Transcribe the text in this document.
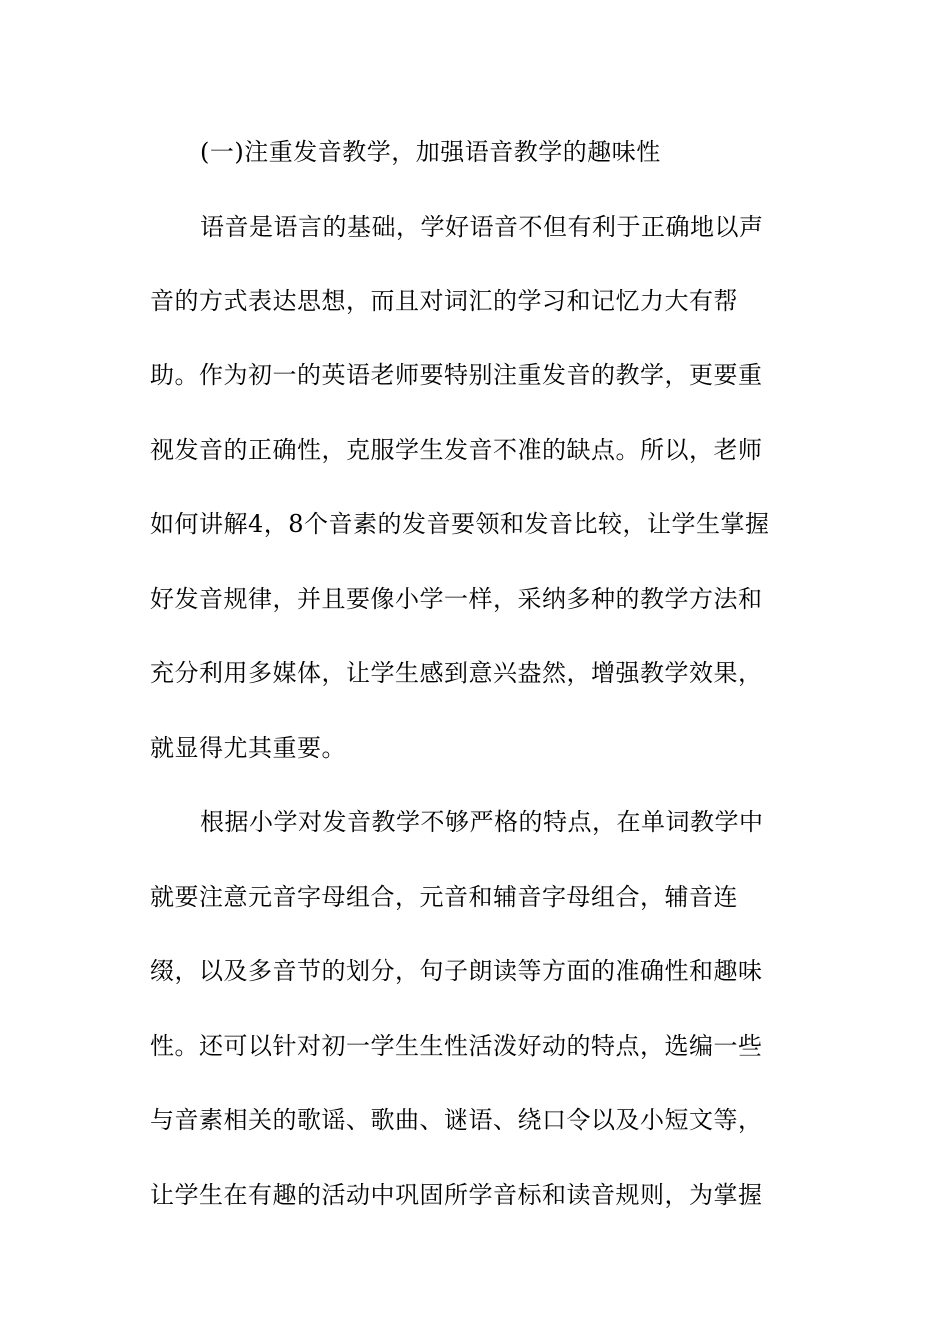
(一)注重发音教学，加强语音教学的趣味性

语音是语言的基础，学好语音不但有利于正确地以声

音的方式表达思想，而且对词汇的学习和记忆力大有帮

助。作为初一的英语老师要特别注重发音的教学，更要重

视发音的正确性，克服学生发音不准的缺点。所以，老师

如何讲解4，8个音素的发音要领和发音比较，让学生掌握

好发音规律，并且要像小学一样，采纳多种的教学方法和

充分利用多媒体，让学生感到意兴盎然，增强教学效果，

就显得尤其重要。

根据小学对发音教学不够严格的特点，在单词教学中

就要注意元音字母组合，元音和辅音字母组合，辅音连

缀，以及多音节的划分，句子朗读等方面的准确性和趣味

性。还可以针对初一学生生性活泼好动的特点，选编一些

与音素相关的歌谣、歌曲、谜语、绕口令以及小短文等，

让学生在有趣的活动中巩固所学音标和读音规则，为掌握
